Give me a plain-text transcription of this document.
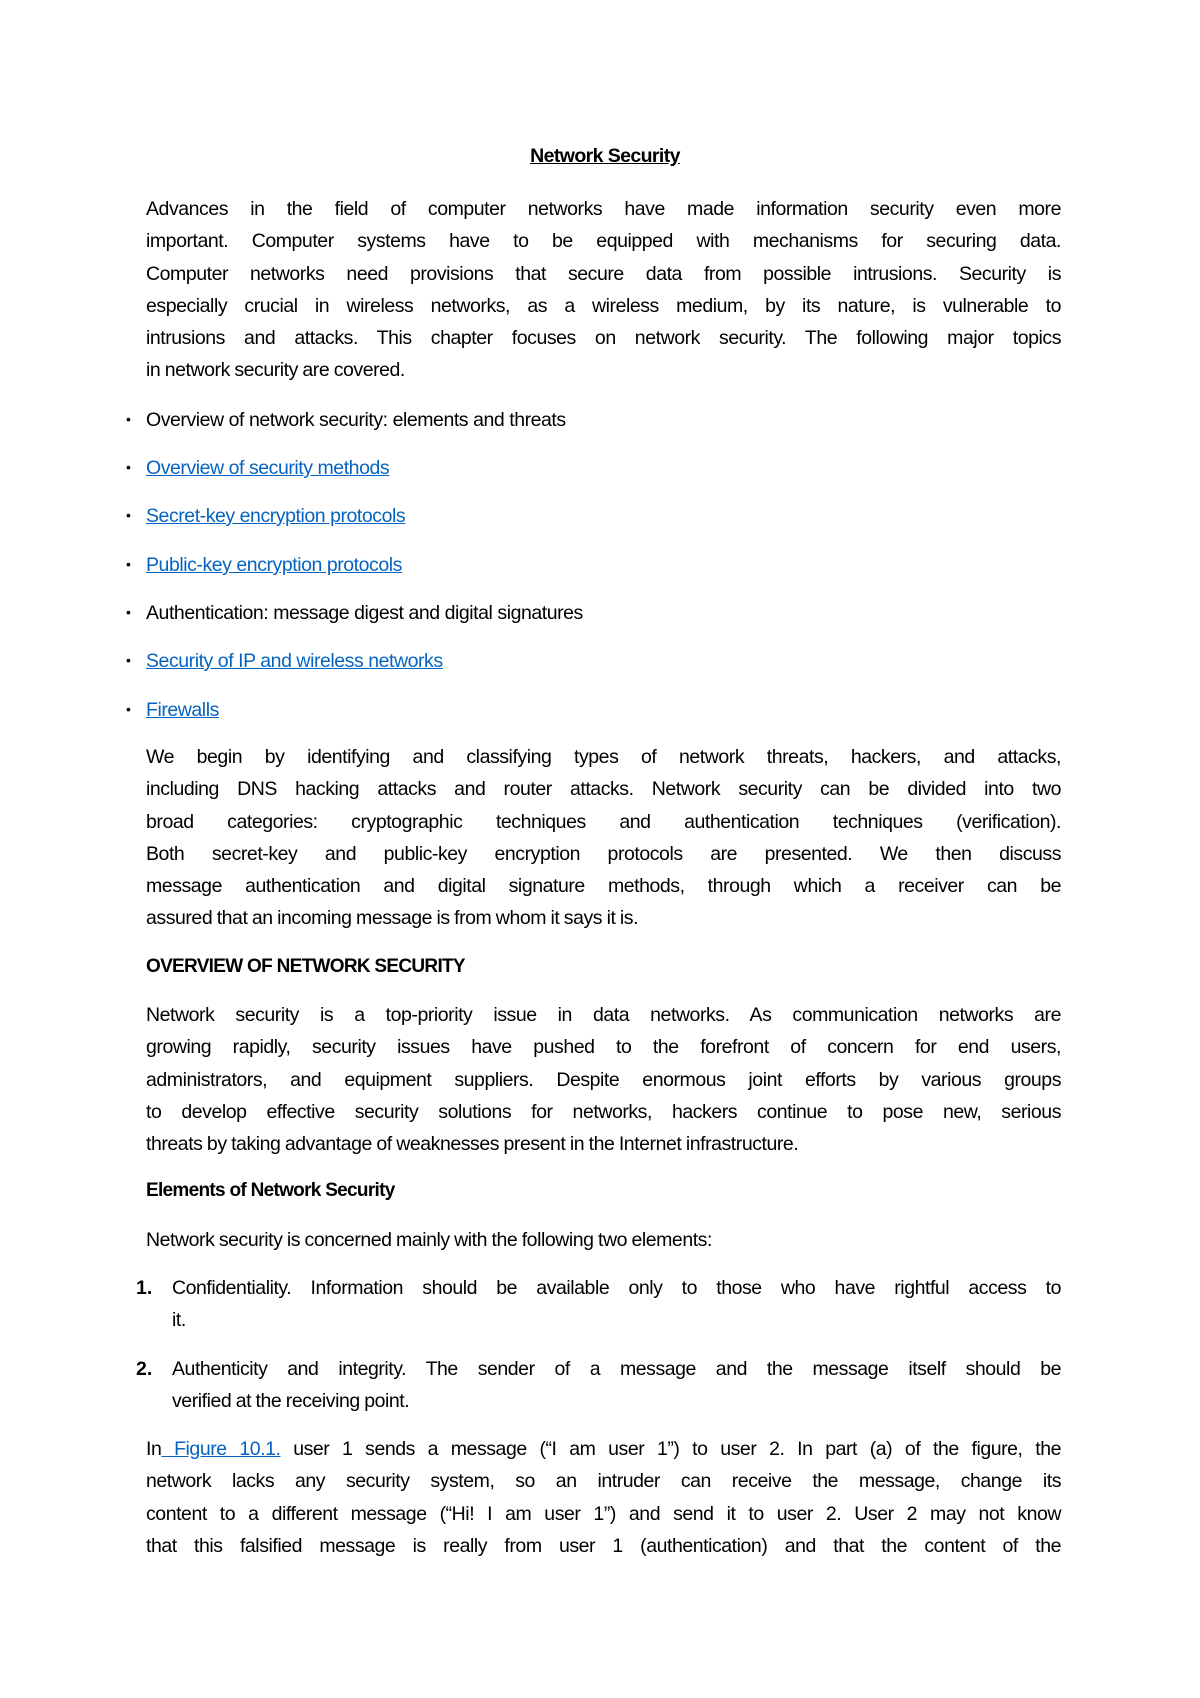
Network Security
Advances in the field of computer networks have made information security even more
important. Computer systems have to be equipped with mechanisms for securing data.
Computer networks need provisions that secure data from possible intrusions. Security is
especially crucial in wireless networks, as a wireless medium, by its nature, is vulnerable to
intrusions and attacks. This chapter focuses on network security. The following major topics
in network security are covered.
• Overview of network security: elements and threats
• Overview of security methods
• Secret-key encryption protocols
• Public-key encryption protocols
• Authentication: message digest and digital signatures
• Security of IP and wireless networks
• Firewalls
We begin by identifying and classifying types of network threats, hackers, and attacks,
including DNS hacking attacks and router attacks. Network security can be divided into two
broad categories: cryptographic techniques and authentication techniques (verification).
Both secret-key and public-key encryption protocols are presented. We then discuss
message authentication and digital signature methods, through which a receiver can be
assured that an incoming message is from whom it says it is.
OVERVIEW OF NETWORK SECURITY
Network security is a top-priority issue in data networks. As communication networks are
growing rapidly, security issues have pushed to the forefront of concern for end users,
administrators, and equipment suppliers. Despite enormous joint efforts by various groups
to develop effective security solutions for networks, hackers continue to pose new, serious
threats by taking advantage of weaknesses present in the Internet infrastructure.
Elements of Network Security
Network security is concerned mainly with the following two elements:
1. Confidentiality. Information should be available only to those who have rightful access to
it.
2. Authenticity and integrity. The sender of a message and the message itself should be
verified at the receiving point.
In Figure 10.1. user 1 sends a message (“I am user 1”) to user 2. In part (a) of the figure, the
network lacks any security system, so an intruder can receive the message, change its
content to a different message (“Hi! I am user 1”) and send it to user 2. User 2 may not know
that this falsified message is really from user 1 (authentication) and that the content of the
